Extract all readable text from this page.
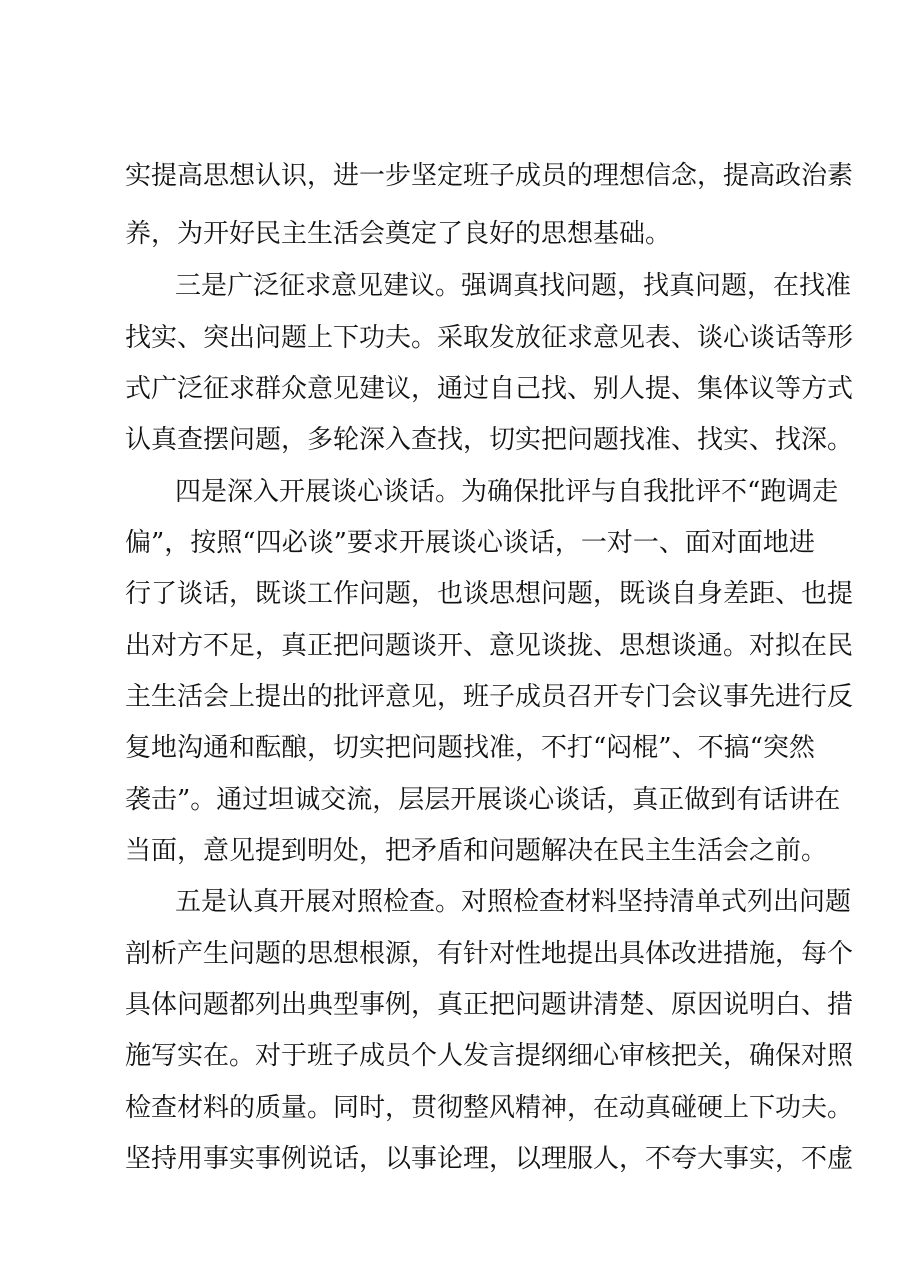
实提高思想认识，进一步坚定班子成员的理想信念，提高政治素
养，为开好民主生活会奠定了良好的思想基础。
三是广泛征求意见建议。强调真找问题，找真问题，在找准
找实、突出问题上下功夫。采取发放征求意见表、谈心谈话等形
式广泛征求群众意见建议，通过自己找、别人提、集体议等方式
认真查摆问题，多轮深入查找，切实把问题找准、找实、找深。
四是深入开展谈心谈话。为确保批评与自我批评不“跑调走
偏”，按照“四必谈”要求开展谈心谈话，一对一、面对面地进
行了谈话，既谈工作问题，也谈思想问题，既谈自身差距、也提
出对方不足，真正把问题谈开、意见谈拢、思想谈通。对拟在民
主生活会上提出的批评意见，班子成员召开专门会议事先进行反
复地沟通和酝酿，切实把问题找准，不打“闷棍”、不搞“突然
袭击”。通过坦诚交流，层层开展谈心谈话，真正做到有话讲在
当面，意见提到明处，把矛盾和问题解决在民主生活会之前。
五是认真开展对照检查。对照检查材料坚持清单式列出问题
剖析产生问题的思想根源，有针对性地提出具体改进措施，每个
具体问题都列出典型事例，真正把问题讲清楚、原因说明白、措
施写实在。对于班子成员个人发言提纲细心审核把关，确保对照
检查材料的质量。同时，贯彻整风精神，在动真碰硬上下功夫。
坚持用事实事例说话，以事论理，以理服人，不夸大事实，不虚
